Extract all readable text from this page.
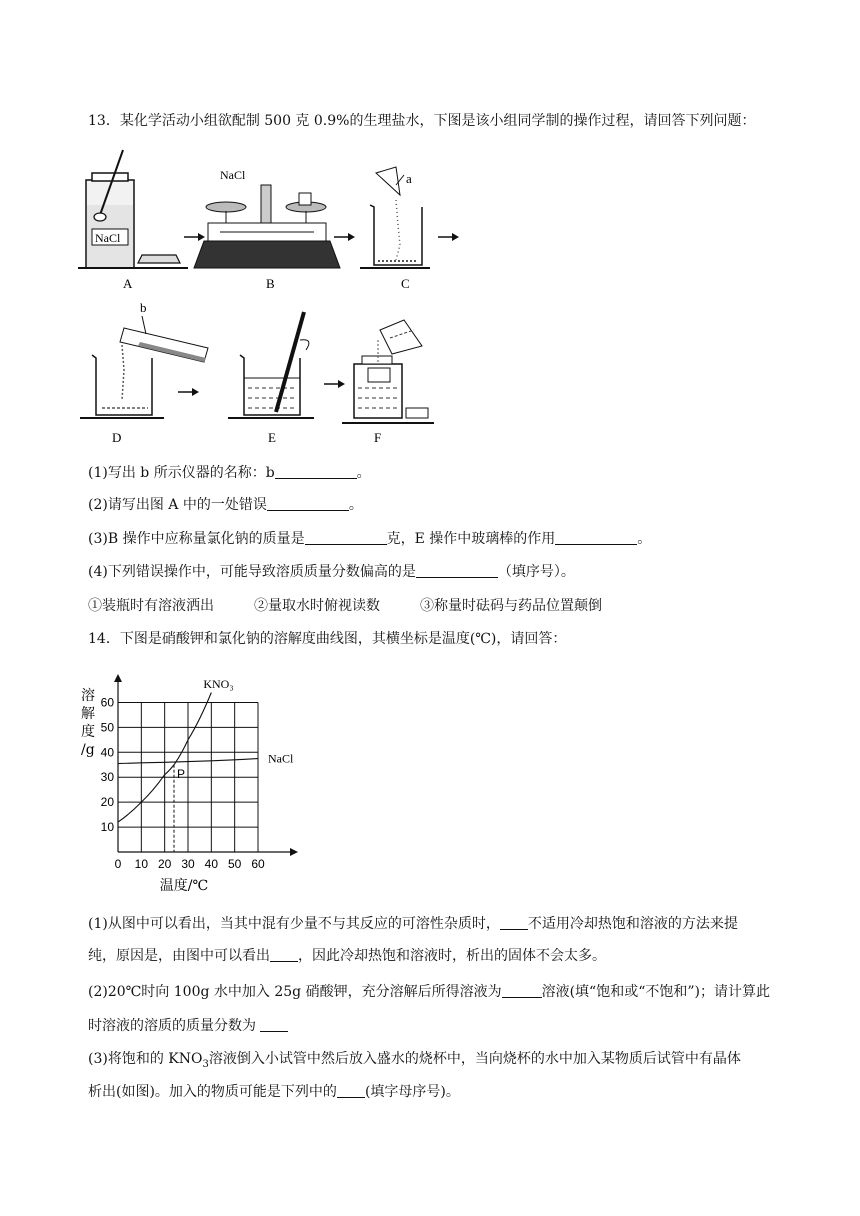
13．某化学活动小组欲配制 500 克 0.9%的生理盐水，下图是该小组同学制的操作过程，请回答下列问题：
NaCl
A
NaCl
B
a
C
b
D	E	F
(1)写出 b 所示仪器的名称：b	。
(2)请写出图 A 中的一处错误	。
(3)B 操作中应称量氯化钠的质量是	克，E 操作中玻璃棒的作用	。
(4)下列错误操作中，可能导致溶质质量分数偏高的是	（填序号）。
①装瓶时有溶液洒出	②量取水时俯视读数	③称量时砝码与药品位置颠倒
14．下图是硝酸钾和氯化钠的溶解度曲线图，其横坐标是温度(℃)，请回答：
0 10 20 30 40 50 60
10
20
30
40
50
60
溶解度/g
温度/℃
KNO₃
NaCl
P
(1)从图中可以看出，当其中混有少量不与其反应的可溶性杂质时， 不适用冷却热饱和溶液的方法来提
纯，原因是，由图中可以看出 ，因此冷却热饱和溶液时，析出的固体不会太多。
(2)20℃时向 100g 水中加入 25g 硝酸钾，充分溶解后所得溶液为	溶液(填“饱和或“不饱和”)；请计算此
时溶液的溶质的质量分数为
(3)将饱和的 $KNO_3$溶液倒入小试管中然后放入盛水的烧杯中，当向烧杯的水中加入某物质后试管中有晶体
析出(如图)。加入的物质可能是下列中的 (填字母序号)。
